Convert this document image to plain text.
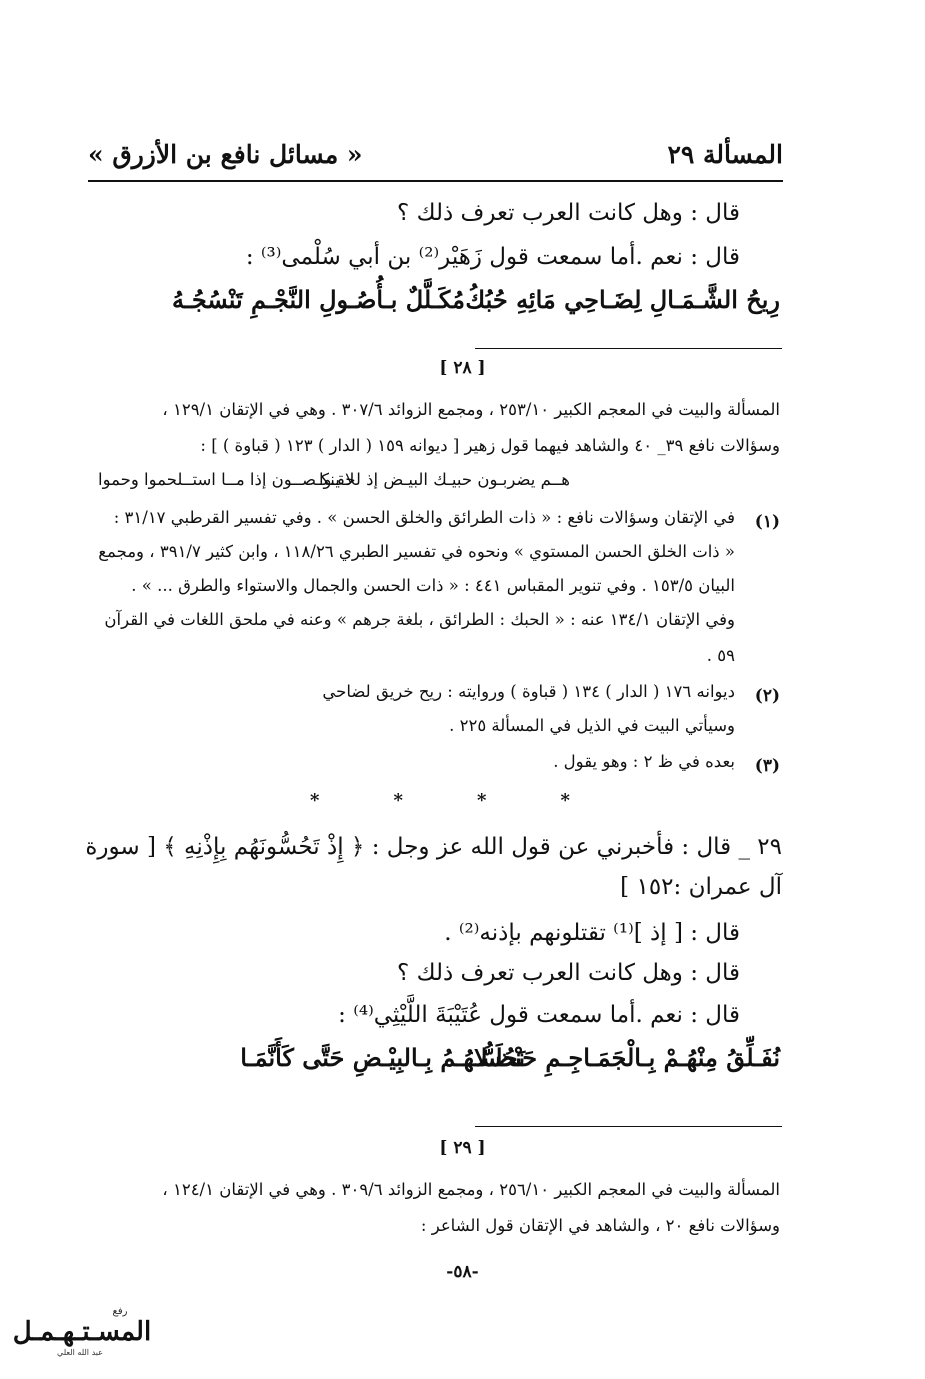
« مسائل نافع بن الأزرق »	المسألة ٢٩
قال : وهل كانت العرب تعرف ذلك ؟
قال : نعم .أما سمعت قول زَهَيْر⁽²⁾ بن أبي سُلْمى⁽³⁾ :
مُكَـلَّلٌ بـأُصُـولِ النَّجْـمِ تَنْسُجُـهُ رِيحُ الشَّـمَـالِ لِضَـاحِي مَائِهِ حُبُكُ
[ ٢٨ ]
المسألة والبيت في المعجم الكبير ٢٥٣/١٠ ، ومجمع الزوائد ٣٠٧/٦ . وهي في الإتقان ١٢٩/١ ،
وسؤالات نافع ٣٩_ ٤٠ والشاهد فيهما قول زهير [ ديوانه ١٥٩ ( الدار ) ١٢٣ ( قباوة ) ] :
هــم يضربـون حبيـك البيـض إذ لحقـوا
لا ينكـصــون إذا مــا استــلحموا وحموا
(١)
في الإتقان وسؤالات نافع : « ذات الطرائق والخلق الحسن » . وفي تفسير القرطبي ٣١/١٧ :
« ذات الخلق الحسن المستوي » ونحوه في تفسير الطبري ١١٨/٢٦ ، وابن كثير ٣٩١/٧ ، ومجمع
البيان ١٥٣/٥ . وفي تنوير المقباس ٤٤١ : « ذات الحسن والجمال والاستواء والطرق ... » .
وفي الإتقان ١٣٤/١ عنه : « الحبك : الطرائق ، بلغة جرهم » وعنه في ملحق اللغات في القرآن
٥٩ .
(٢)
ديوانه ١٧٦ ( الدار ) ١٣٤ ( قباوة ) وروايته : ريح خريق لضاحي
وسيأتي البيت في الذيل في المسألة ٢٢٥ .
(٣)
بعده في ظ ٢ : وهو يقول .
*	*	*	*
٢٩ _ قال : فأخبرني عن قول الله عز وجل : ﴿ إِذْ تَحُسُّونَهُم بِإِذْنِهِ ﴾ [ سورة
آل عمران :١٥٢ ]
قال : [ إذ ]⁽¹⁾ تقتلونهم بإذنه⁽²⁾ .
قال : وهل كانت العرب تعرف ذلك ؟
قال : نعم .أما سمعت قول عُتَيْبَةَ اللَّيْثِي⁽⁴⁾ :
نَحُسُّـهُـمُ بِـالبِيْـضِ حَتَّى كَأَنَّمَـا
نُفَـلِّقُ مِنْهُـمْ بِـالْجَمَـاجِـمِ حَنْظَـلا
[ ٢٩ ]
المسألة والبيت في المعجم الكبير ٢٥٦/١٠ ، ومجمع الزوائد ٣٠٩/٦ . وهي في الإتقان ١٢٤/١ ،
وسؤالات نافع ٢٠ ، والشاهد في الإتقان قول الشاعر :
-٥٨-
رفع
المسـتـهـمـل
عبد الله العلي
